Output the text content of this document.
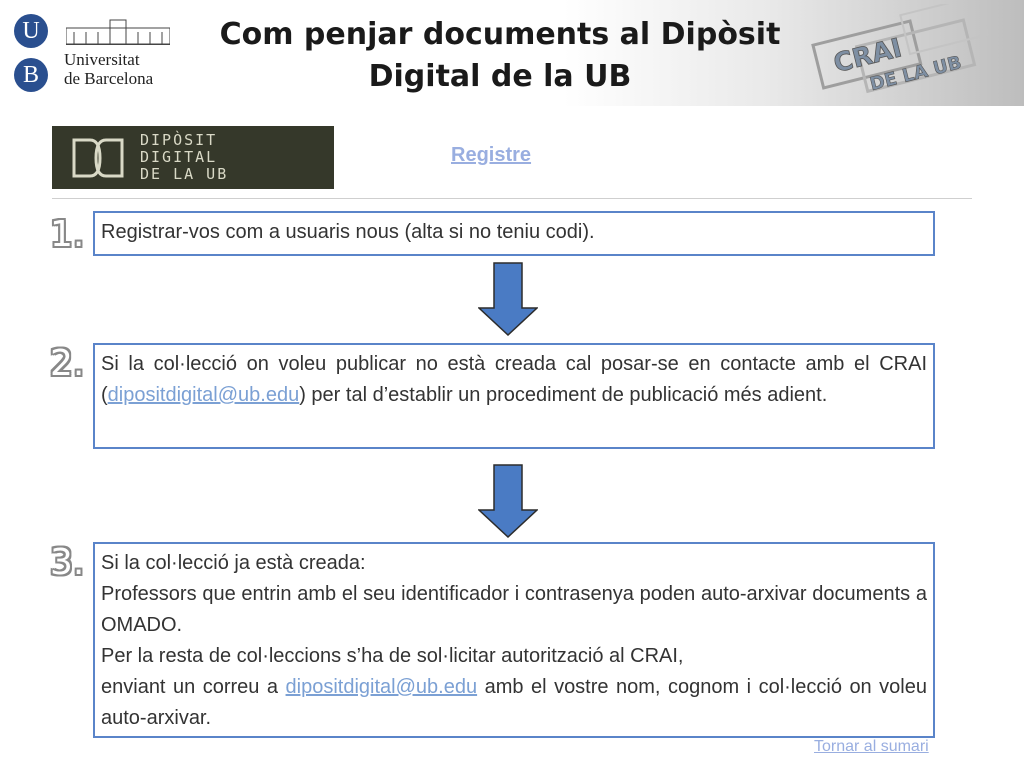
U
B
Universitat
de Barcelona
Com penjar documents al Dipòsit
Digital de la UB	CRAI
DE LA UB
DIPÒSIT
DIGITAL
DE LA UB
Registre
1. Registrar-vos com a usuaris nous (alta si no teniu codi).
2. Si la col·lecció on voleu publicar no està creada cal posar-se en contacte amb el CRAI (dipositdigital@ub.edu) per tal d’establir un procediment de publicació més adient.
3. Si la col·lecció ja està creada:
Professors que entrin amb el seu identificador i contrasenya poden auto-arxivar documents a OMADO.
Per la resta de col·leccions s’ha de sol·licitar autorització al CRAI,
enviant un correu a dipositdigital@ub.edu amb el vostre nom, cognom i col·lecció on voleu auto-arxivar.
Tornar al sumari
